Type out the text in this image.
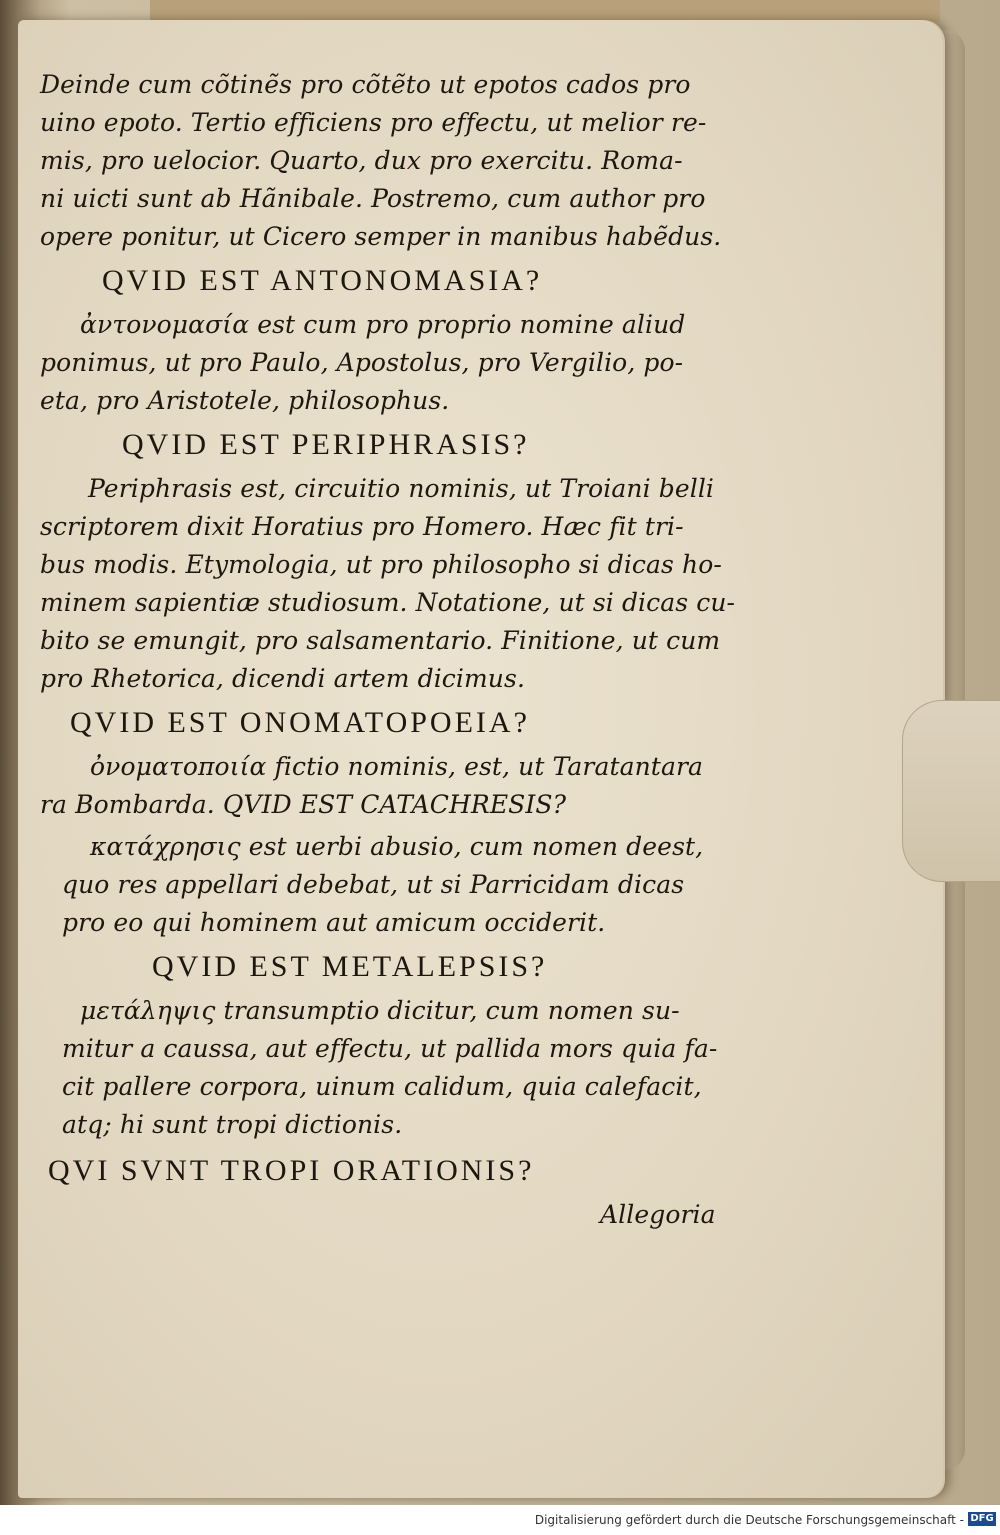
Deinde cum cõtinẽs pro cõtẽto ut epotos cados pro
uino epoto. Tertio efficiens pro effectu, ut melior re-
mis, pro uelocior. Quarto, dux pro exercitu. Roma-
ni uicti sunt ab Hãnibale. Postremo, cum author pro
opere ponitur, ut Cicero semper in manibus habẽdus.
QVID EST ANTONOMASIA?
ἀντονομασία est cum pro proprio nomine aliud
ponimus, ut pro Paulo, Apostolus, pro Vergilio, po-
eta, pro Aristotele, philosophus.
QVID EST PERIPHRASIS?
Periphrasis est, circuitio nominis, ut Troiani belli
scriptorem dixit Horatius pro Homero. Hæc fit tri-
bus modis. Etymologia, ut pro philosopho si dicas ho-
minem sapientiæ studiosum. Notatione, ut si dicas cu-
bito se emungit, pro salsamentario. Finitione, ut cum
pro Rhetorica, dicendi artem dicimus.
QVID EST ONOMATOPOEIA?
ὀνοματοποιία fictio nominis, est, ut Taratantara
ra Bombarda. QVID EST CATACHRESIS?
κατάχρησις est uerbi abusio, cum nomen deest,
quo res appellari debebat, ut si Parricidam dicas
pro eo qui hominem aut amicum occiderit.
QVID EST METALEPSIS?
μετάληψις transumptio dicitur, cum nomen su-
mitur a caussa, aut effectu, ut pallida mors quia fa-
cit pallere corpora, uinum calidum, quia calefacit,
atq; hi sunt tropi dictionis.
QVI SVNT TROPI ORATIONIS?
Allegoria
Digitalisierung gefördert durch die Deutsche Forschungsgemeinschaft - DFG
